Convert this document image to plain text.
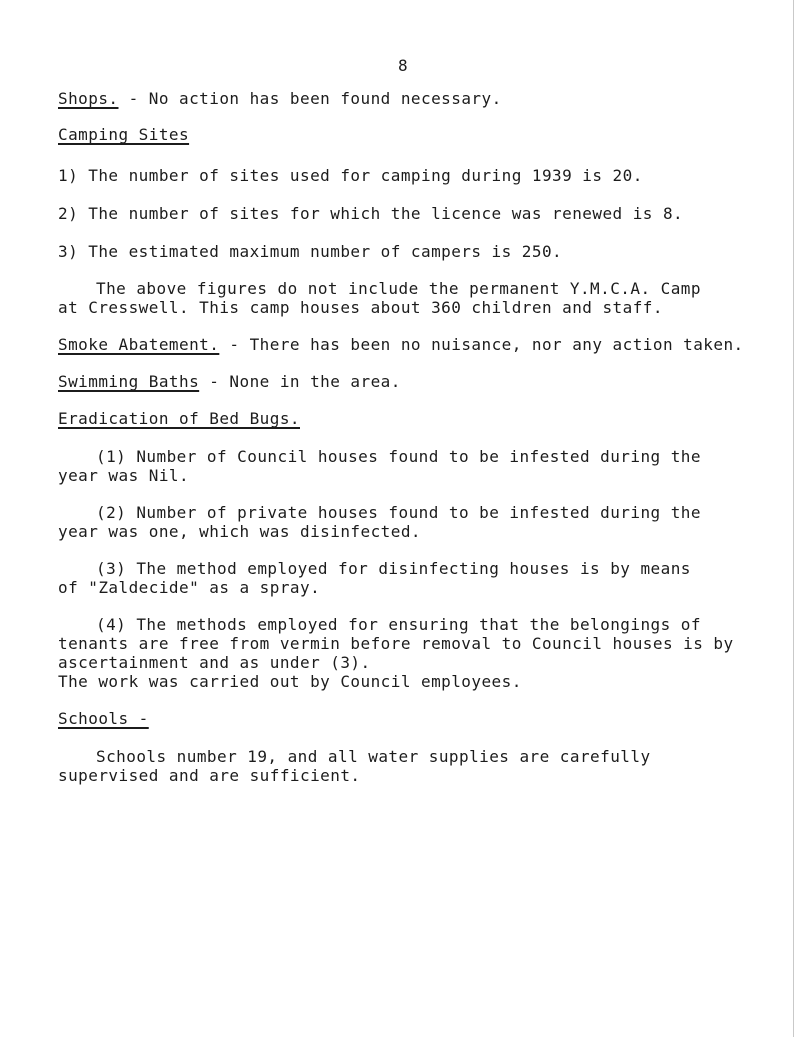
8
Shops. - No action has been found necessary.
Camping Sites
1) The number of sites used for camping during 1939 is 20.
2) The number of sites for which the licence was renewed is 8.
3) The estimated maximum number of campers is 250.
The above figures do not include the permanent Y.M.C.A. Camp
at Cresswell. This camp houses about 360 children and staff.
Smoke Abatement. - There has been no nuisance, nor any action taken.
Swimming Baths - None in the area.
Eradication of Bed Bugs.
(1) Number of Council houses found to be infested during the
year was Nil.
(2) Number of private houses found to be infested during the
year was one, which was disinfected.
(3) The method employed for disinfecting houses is by means
of "Zaldecide" as a spray.
(4) The methods employed for ensuring that the belongings of
tenants are free from vermin before removal to Council houses is by
ascertainment and as under (3).
The work was carried out by Council employees.
Schools -
Schools number 19, and all water supplies are carefully
supervised and are sufficient.
